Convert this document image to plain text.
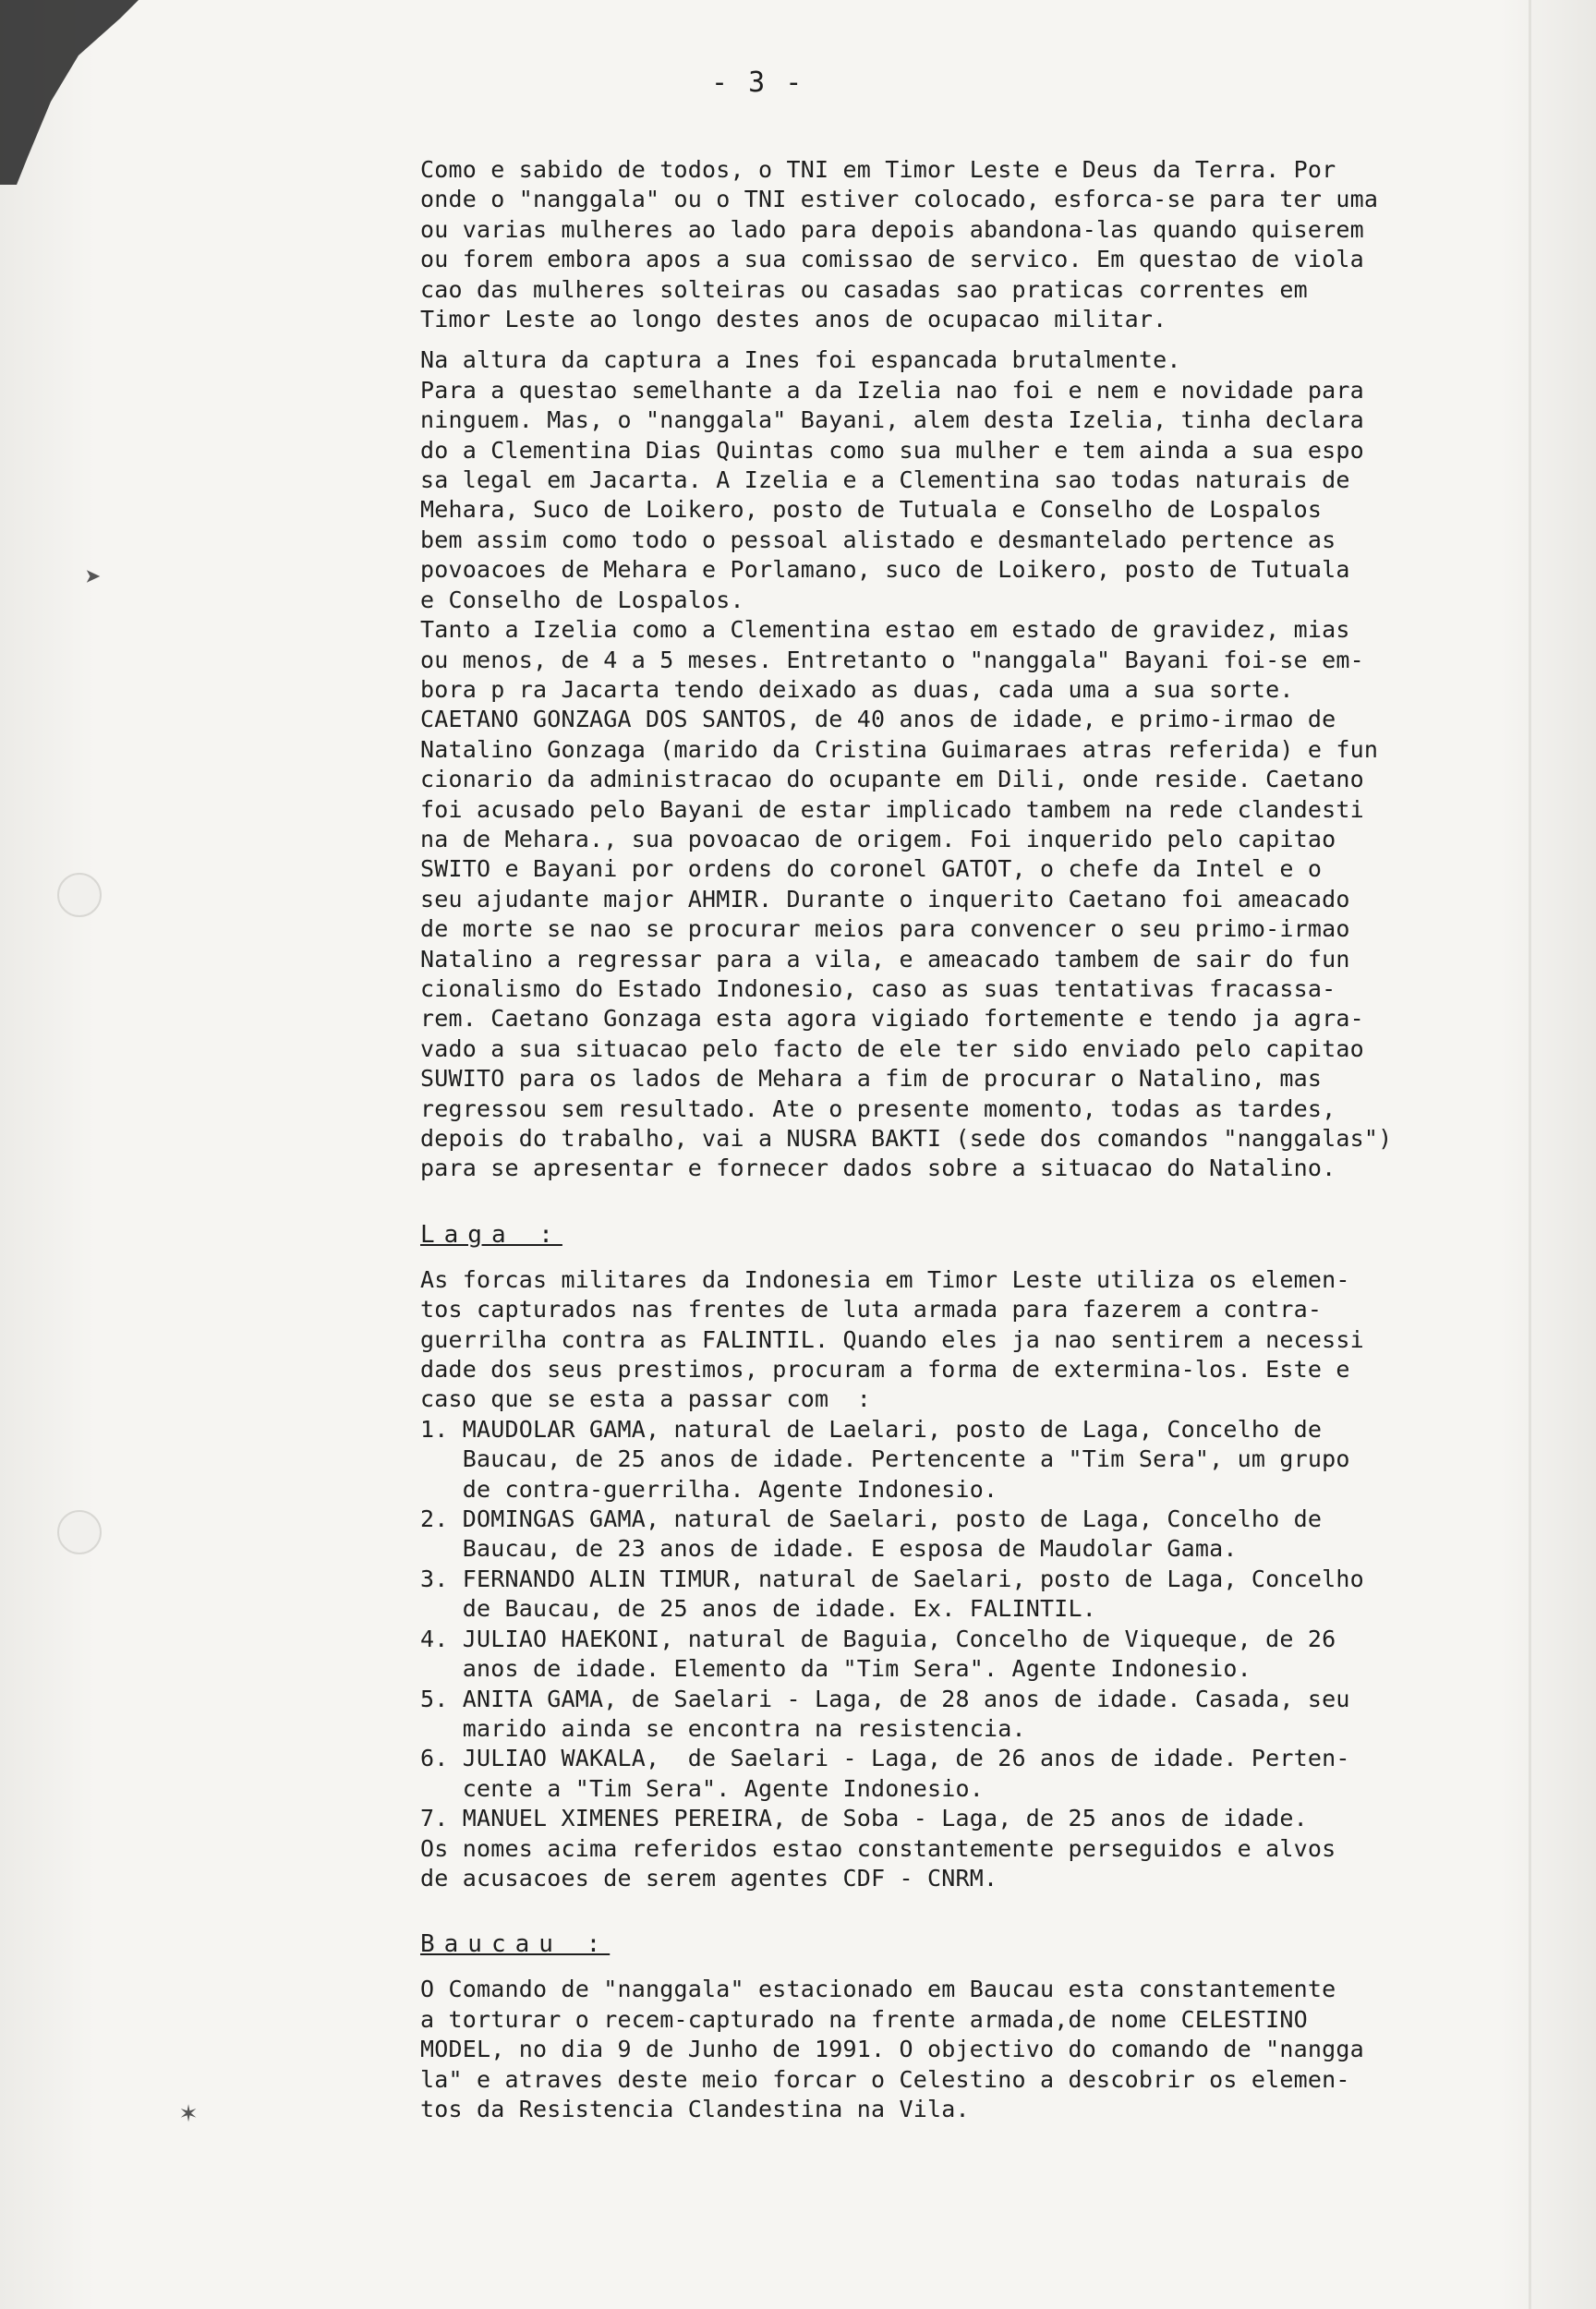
➤
✶
- 3 -
Como e sabido de todos, o TNI em Timor Leste e Deus da Terra. Por
onde o "nanggala" ou o TNI estiver colocado, esforca-se para ter uma
ou varias mulheres ao lado para depois abandona-las quando quiserem
ou forem embora apos a sua comissao de servico. Em questao de viola
cao das mulheres solteiras ou casadas sao praticas correntes em
Timor Leste ao longo destes anos de ocupacao militar.
Na altura da captura a Ines foi espancada brutalmente.
Para a questao semelhante a da Izelia nao foi e nem e novidade para
ninguem. Mas, o "nanggala" Bayani, alem desta Izelia, tinha declara
do a Clementina Dias Quintas como sua mulher e tem ainda a sua espo
sa legal em Jacarta. A Izelia e a Clementina sao todas naturais de
Mehara, Suco de Loikero, posto de Tutuala e Conselho de Lospalos
bem assim como todo o pessoal alistado e desmantelado pertence as
povoacoes de Mehara e Porlamano, suco de Loikero, posto de Tutuala
e Conselho de Lospalos.
Tanto a Izelia como a Clementina estao em estado de gravidez, mias
ou menos, de 4 a 5 meses. Entretanto o "nanggala" Bayani foi-se em-
bora p ra Jacarta tendo deixado as duas, cada uma a sua sorte.
CAETANO GONZAGA DOS SANTOS, de 40 anos de idade, e primo-irmao de
Natalino Gonzaga (marido da Cristina Guimaraes atras referida) e fun
cionario da administracao do ocupante em Dili, onde reside. Caetano
foi acusado pelo Bayani de estar implicado tambem na rede clandesti
na de Mehara., sua povoacao de origem. Foi inquerido pelo capitao
SWITO e Bayani por ordens do coronel GATOT, o chefe da Intel e o
seu ajudante major AHMIR. Durante o inquerito Caetano foi ameacado
de morte se nao se procurar meios para convencer o seu primo-irmao
Natalino a regressar para a vila, e ameacado tambem de sair do fun
cionalismo do Estado Indonesio, caso as suas tentativas fracassa-
rem. Caetano Gonzaga esta agora vigiado fortemente e tendo ja agra-
vado a sua situacao pelo facto de ele ter sido enviado pelo capitao
SUWITO para os lados de Mehara a fim de procurar o Natalino, mas
regressou sem resultado. Ate o presente momento, todas as tardes,
depois do trabalho, vai a NUSRA BAKTI (sede dos comandos "nanggalas")
para se apresentar e fornecer dados sobre a situacao do Natalino.
Laga :
As forcas militares da Indonesia em Timor Leste utiliza os elemen-
tos capturados nas frentes de luta armada para fazerem a contra-
guerrilha contra as FALINTIL. Quando eles ja nao sentirem a necessi
dade dos seus prestimos, procuram a forma de extermina-los. Este e
caso que se esta a passar com  :
1. MAUDOLAR GAMA, natural de Laelari, posto de Laga, Concelho de
Baucau, de 25 anos de idade. Pertencente a "Tim Sera", um grupo
de contra-guerrilha. Agente Indonesio.
2. DOMINGAS GAMA, natural de Saelari, posto de Laga, Concelho de
Baucau, de 23 anos de idade. E esposa de Maudolar Gama.
3. FERNANDO ALIN TIMUR, natural de Saelari, posto de Laga, Concelho
de Baucau, de 25 anos de idade. Ex. FALINTIL.
4. JULIAO HAEKONI, natural de Baguia, Concelho de Viqueque, de 26
anos de idade. Elemento da "Tim Sera". Agente Indonesio.
5. ANITA GAMA, de Saelari - Laga, de 28 anos de idade. Casada, seu
marido ainda se encontra na resistencia.
6. JULIAO WAKALA,  de Saelari - Laga, de 26 anos de idade. Perten-
cente a "Tim Sera". Agente Indonesio.
7. MANUEL XIMENES PEREIRA, de Soba - Laga, de 25 anos de idade.
Os nomes acima referidos estao constantemente perseguidos e alvos
de acusacoes de serem agentes CDF - CNRM.
Baucau :
O Comando de "nanggala" estacionado em Baucau esta constantemente
a torturar o recem-capturado na frente armada,de nome CELESTINO
MODEL, no dia 9 de Junho de 1991. O objectivo do comando de "nangga
la" e atraves deste meio forcar o Celestino a descobrir os elemen-
tos da Resistencia Clandestina na Vila.
